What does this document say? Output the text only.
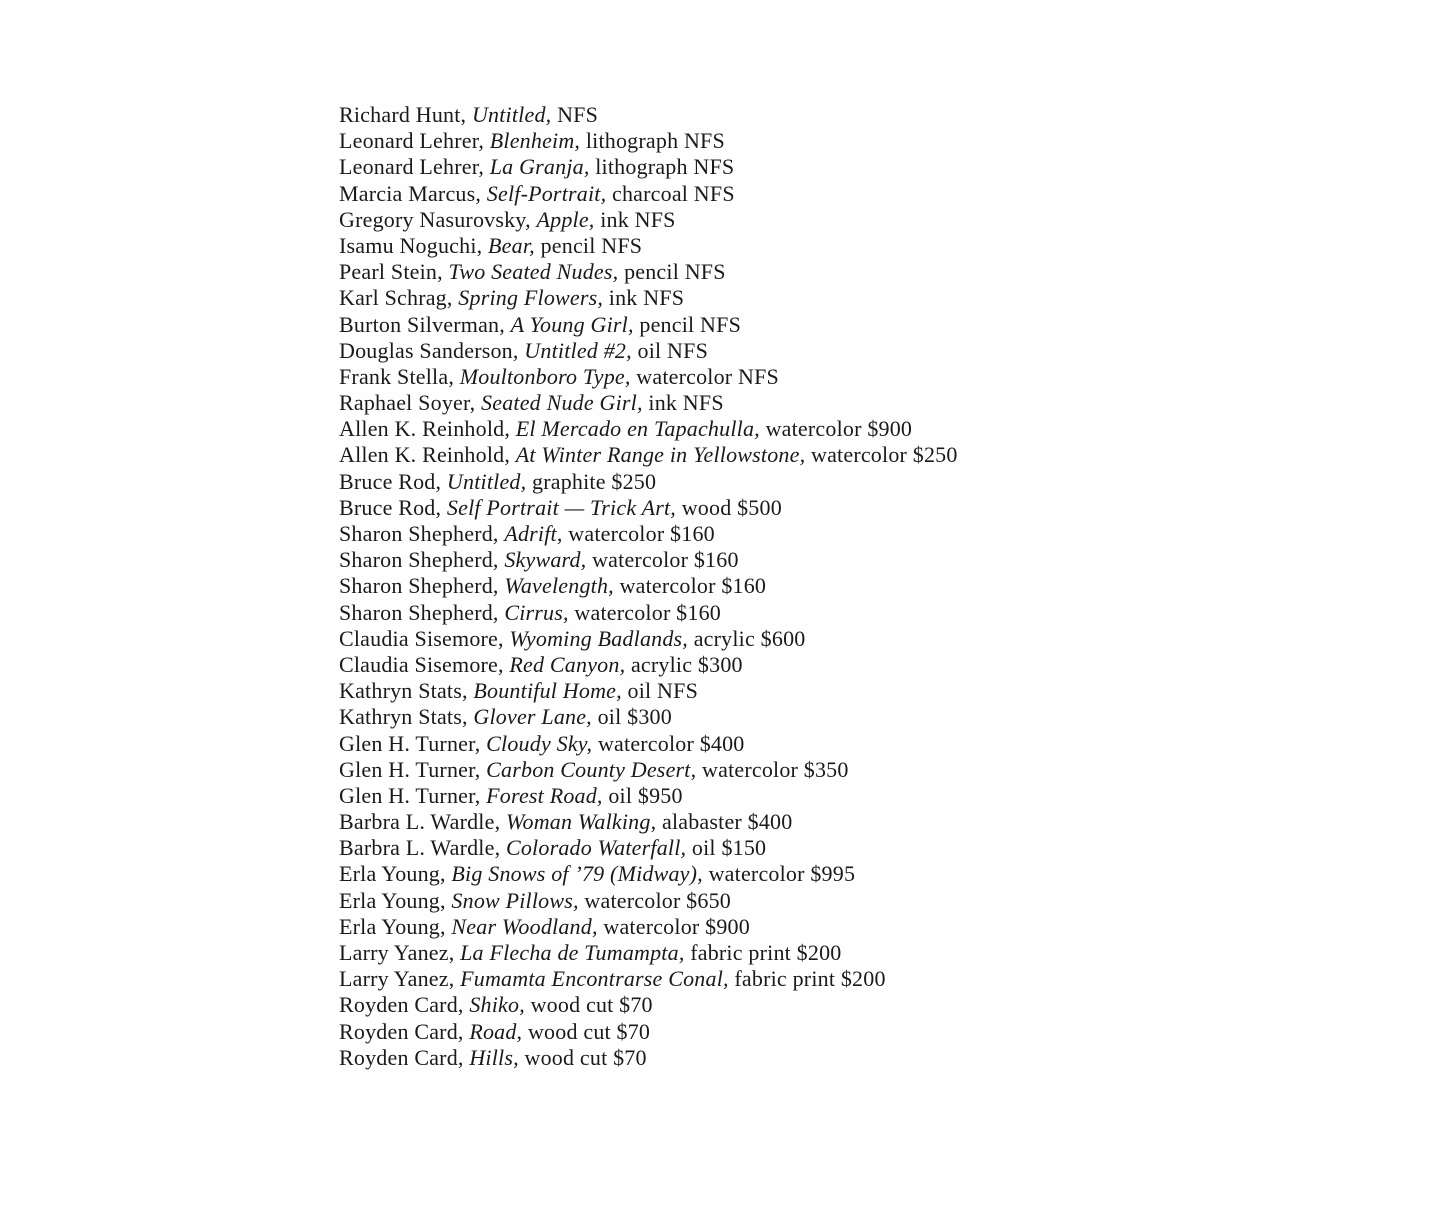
Richard Hunt, Untitled, NFS
Leonard Lehrer, Blenheim, lithograph NFS
Leonard Lehrer, La Granja, lithograph NFS
Marcia Marcus, Self-Portrait, charcoal NFS
Gregory Nasurovsky, Apple, ink NFS
Isamu Noguchi, Bear, pencil NFS
Pearl Stein, Two Seated Nudes, pencil NFS
Karl Schrag, Spring Flowers, ink NFS
Burton Silverman, A Young Girl, pencil NFS
Douglas Sanderson, Untitled #2, oil NFS
Frank Stella, Moultonboro Type, watercolor NFS
Raphael Soyer, Seated Nude Girl, ink NFS
Allen K. Reinhold, El Mercado en Tapachulla, watercolor $900
Allen K. Reinhold, At Winter Range in Yellowstone, watercolor $250
Bruce Rod, Untitled, graphite $250
Bruce Rod, Self Portrait — Trick Art, wood $500
Sharon Shepherd, Adrift, watercolor $160
Sharon Shepherd, Skyward, watercolor $160
Sharon Shepherd, Wavelength, watercolor $160
Sharon Shepherd, Cirrus, watercolor $160
Claudia Sisemore, Wyoming Badlands, acrylic $600
Claudia Sisemore, Red Canyon, acrylic $300
Kathryn Stats, Bountiful Home, oil NFS
Kathryn Stats, Glover Lane, oil $300
Glen H. Turner, Cloudy Sky, watercolor $400
Glen H. Turner, Carbon County Desert, watercolor $350
Glen H. Turner, Forest Road, oil $950
Barbra L. Wardle, Woman Walking, alabaster $400
Barbra L. Wardle, Colorado Waterfall, oil $150
Erla Young, Big Snows of ’79 (Midway), watercolor $995
Erla Young, Snow Pillows, watercolor $650
Erla Young, Near Woodland, watercolor $900
Larry Yanez, La Flecha de Tumampta, fabric print $200
Larry Yanez, Fumamta Encontrarse Conal, fabric print $200
Royden Card, Shiko, wood cut $70
Royden Card, Road, wood cut $70
Royden Card, Hills, wood cut $70
